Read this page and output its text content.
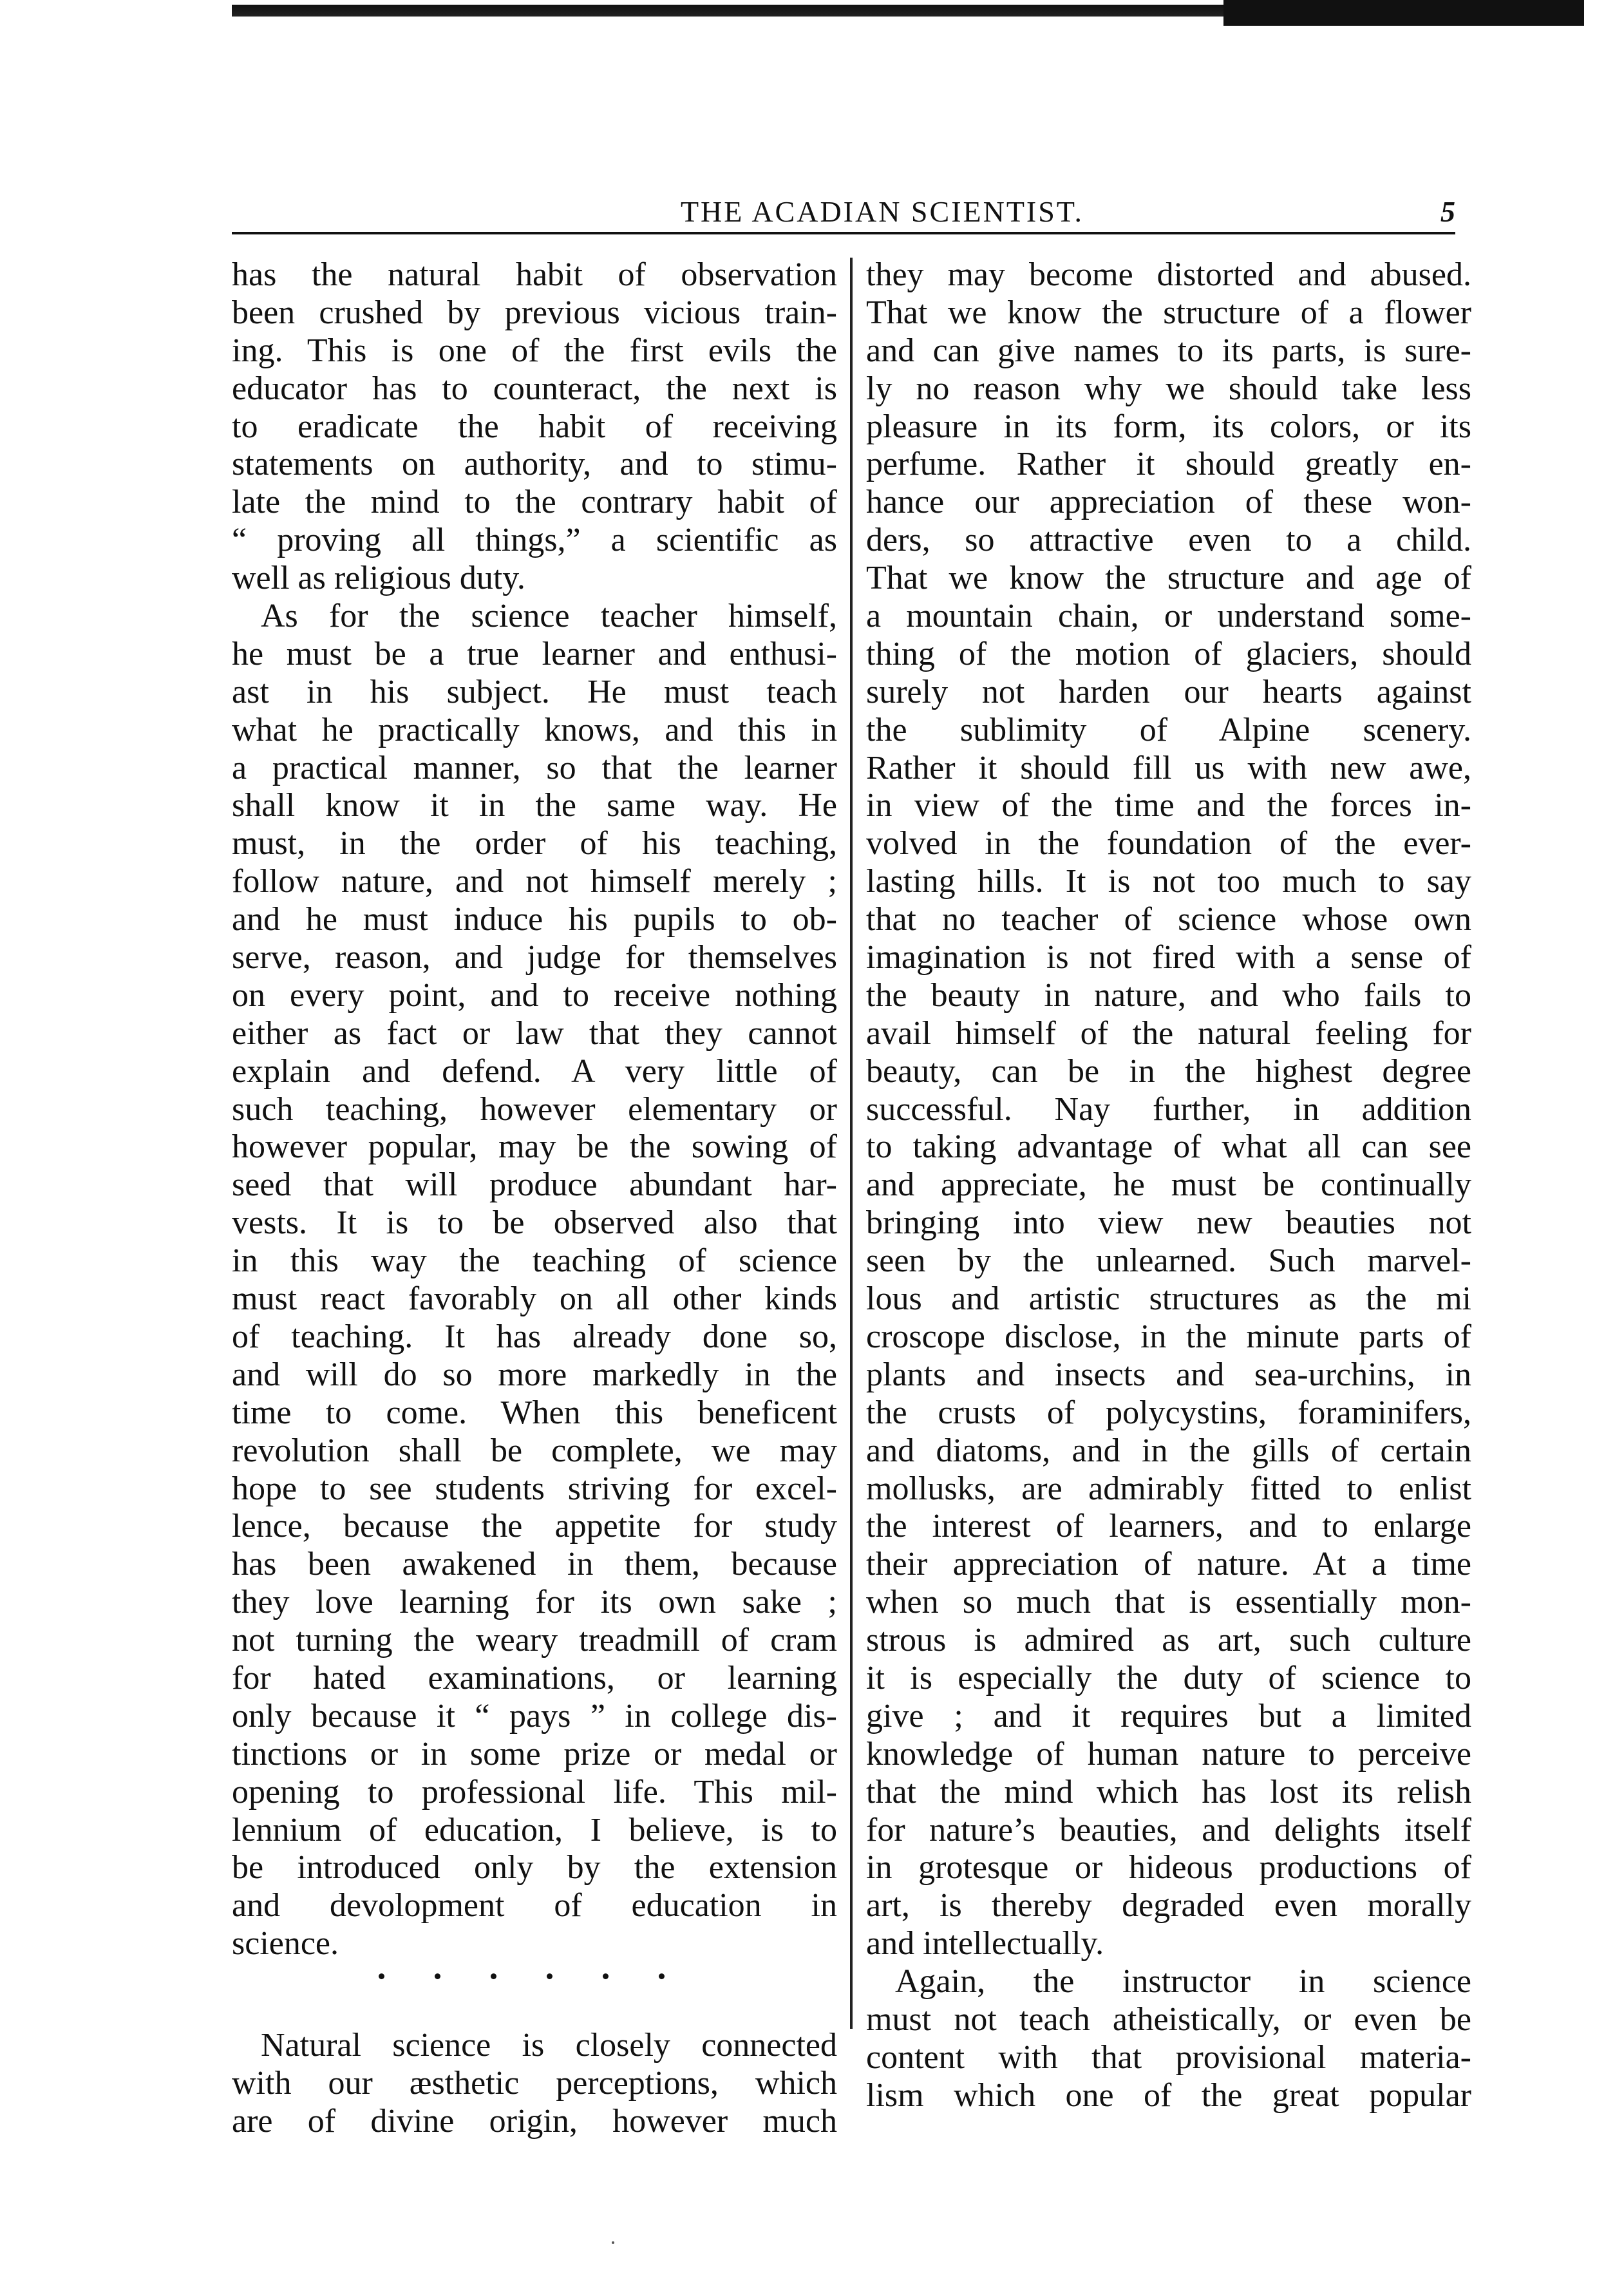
THE ACADIAN SCIENTIST.	5
has the natural habit of observation
been crushed by previous vicious train-
ing. This is one of the first evils the
educator has to counteract, the next is
to eradicate the habit of receiving
statements on authority, and to stimu-
late the mind to the contrary habit of
“ proving all things,” a scientific as
well as religious duty.
As for the science teacher himself,
he must be a true learner and enthusi-
ast in his subject. He must teach
what he practically knows, and this in
a practical manner, so that the learner
shall know it in the same way. He
must, in the order of his teaching,
follow nature, and not himself merely ;
and he must induce his pupils to ob-
serve, reason, and judge for themselves
on every point, and to receive nothing
either as fact or law that they cannot
explain and defend. A very little of
such teaching, however elementary or
however popular, may be the sowing of
seed that will produce abundant har-
vests. It is to be observed also that
in this way the teaching of science
must react favorably on all other kinds
of teaching. It has already done so,
and will do so more markedly in the
time to come. When this beneficent
revolution shall be complete, we may
hope to see students striving for excel-
lence, because the appetite for study
has been awakened in them, because
they love learning for its own sake ;
not turning the weary treadmill of cram
for hated examinations, or learning
only because it “ pays ” in college dis-
tinctions or in some prize or medal or
opening to professional life. This mil-
lennium of education, I believe, is to
be introduced only by the extension
and devolopment of education in
science.
Natural science is closely connected
with our æsthetic perceptions, which
are of divine origin, however much
they may become distorted and abused.
That we know the structure of a flower
and can give names to its parts, is sure-
ly no reason why we should take less
pleasure in its form, its colors, or its
perfume. Rather it should greatly en-
hance our appreciation of these won-
ders, so attractive even to a child.
That we know the structure and age of
a mountain chain, or understand some-
thing of the motion of glaciers, should
surely not harden our hearts against
the sublimity of Alpine scenery.
Rather it should fill us with new awe,
in view of the time and the forces in-
volved in the foundation of the ever-
lasting hills. It is not too much to say
that no teacher of science whose own
imagination is not fired with a sense of
the beauty in nature, and who fails to
avail himself of the natural feeling for
beauty, can be in the highest degree
successful. Nay further, in addition
to taking advantage of what all can see
and appreciate, he must be continually
bringing into view new beauties not
seen by the unlearned. Such marvel-
lous and artistic structures as the mi
croscope disclose, in the minute parts of
plants and insects and sea-urchins, in
the crusts of polycystins, foraminifers,
and diatoms, and in the gills of certain
mollusks, are admirably fitted to enlist
the interest of learners, and to enlarge
their appreciation of nature. At a time
when so much that is essentially mon-
strous is admired as art, such culture
it is especially the duty of science to
give ; and it requires but a limited
knowledge of human nature to perceive
that the mind which has lost its relish
for nature’s beauties, and delights itself
in grotesque or hideous productions of
art, is thereby degraded even morally
and intellectually.
Again, the instructor in science
must not teach atheistically, or even be
content with that provisional materia-
lism which one of the great popular
